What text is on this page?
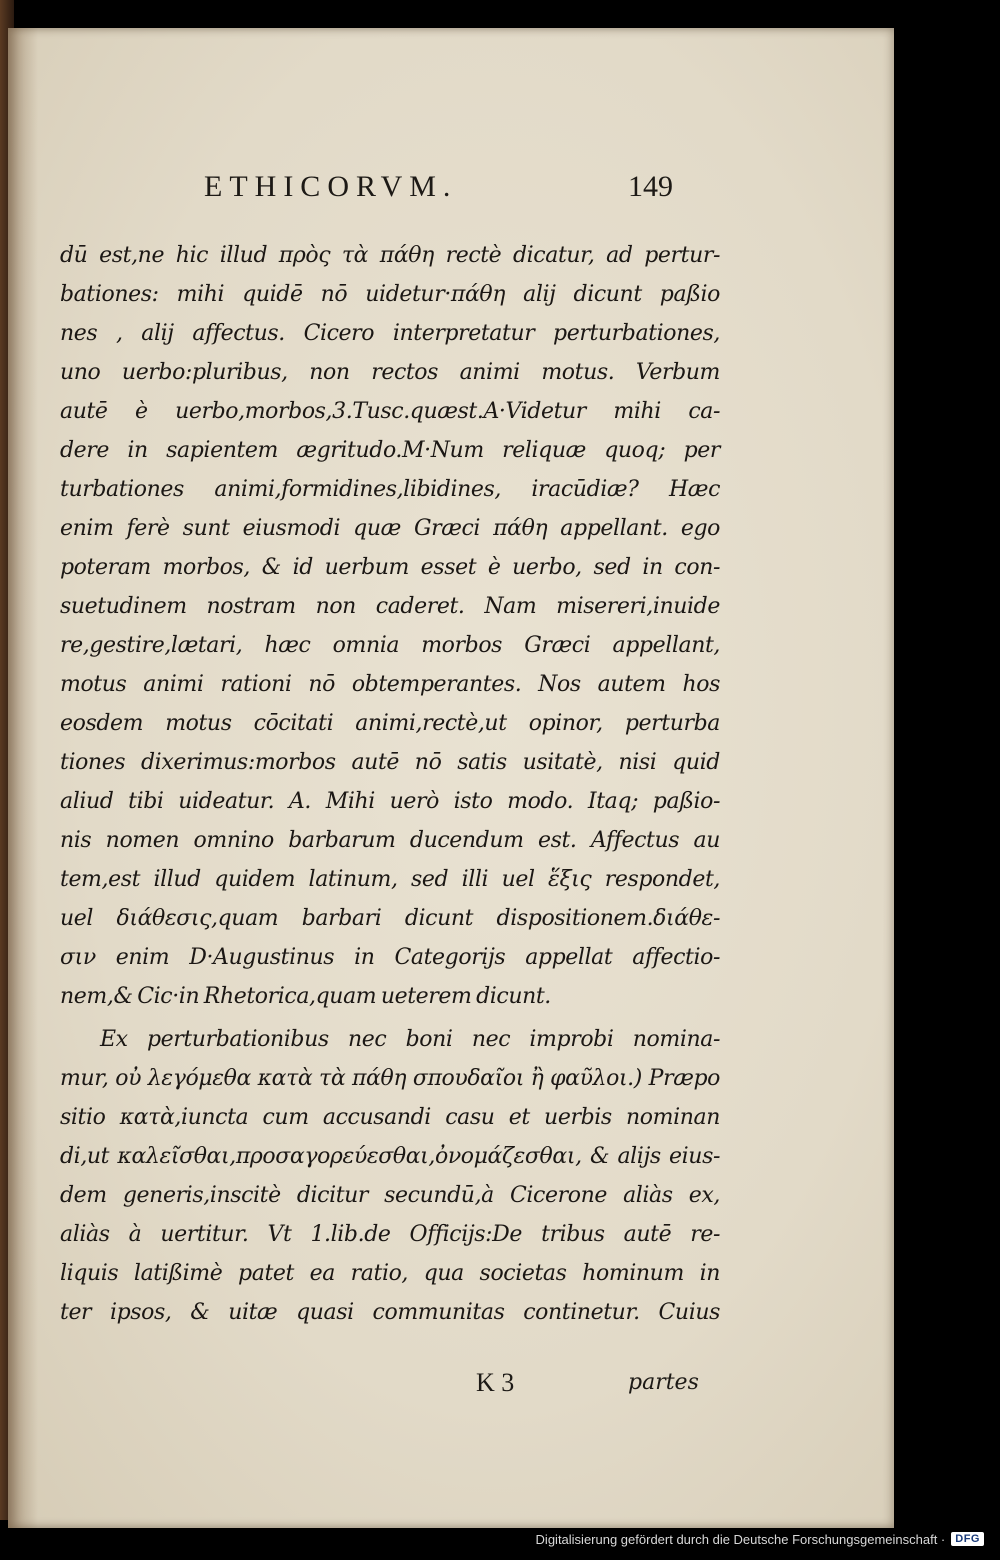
ETHICORVM.	149
dū est,ne hic illud πρὸς τὰ πάθη rectè dicatur, ad pertur-
bationes: mihi quidē nō uidetur·πάθη alij dicunt paßio
nes , alij affectus. Cicero interpretatur perturbationes,
uno uerbo:pluribus, non rectos animi motus. Verbum
autē è uerbo,morbos,3.Tusc.quæst.A·Videtur mihi ca-
dere in sapientem ægritudo.M·Num reliquæ quoq; per
turbationes animi,formidines,libidines, iracūdiæ? Hæc
enim ferè sunt eiusmodi quæ Græci πάθη appellant. ego
poteram morbos, & id uerbum esset è uerbo, sed in con-
suetudinem nostram non caderet. Nam misereri,inuide
re,gestire,lætari, hæc omnia morbos Græci appellant,
motus animi rationi nō obtemperantes. Nos autem hos
eosdem motus cōcitati animi,rectè,ut opinor, perturba
tiones dixerimus:morbos autē nō satis usitatè, nisi quid
aliud tibi uideatur. A. Mihi uerò isto modo. Itaq; paßio-
nis nomen omnino barbarum ducendum est. Affectus au
tem,est illud quidem latinum, sed illi uel ἕξις respondet,
uel διάθεσις,quam barbari dicunt dispositionem.διάθε-
σιν enim D·Augustinus in Categorijs appellat affectio-
nem,& Cic·in Rhetorica,quam ueterem dicunt.
Ex perturbationibus nec boni nec improbi nomina-
mur, οὐ λεγόμεθα κατὰ τὰ πάθη σπουδαῖοι ἢ φαῦλοι.) Præpo
sitio κατὰ,iuncta cum accusandi casu et uerbis nominan
di,ut καλεῖσθαι,προσαγορεύεσθαι,ὀνομάζεσθαι, & alijs eius-
dem generis,inscitè dicitur secundū,à Cicerone aliàs ex,
aliàs à uertitur. Vt 1.lib.de Officijs:De tribus autē re-
liquis latißimè patet ea ratio, qua societas hominum in
ter ipsos, & uitæ quasi communitas continetur. Cuius
K 3	partes
Digitalisierung gefördert durch die Deutsche Forschungsgemeinschaft · DFG
